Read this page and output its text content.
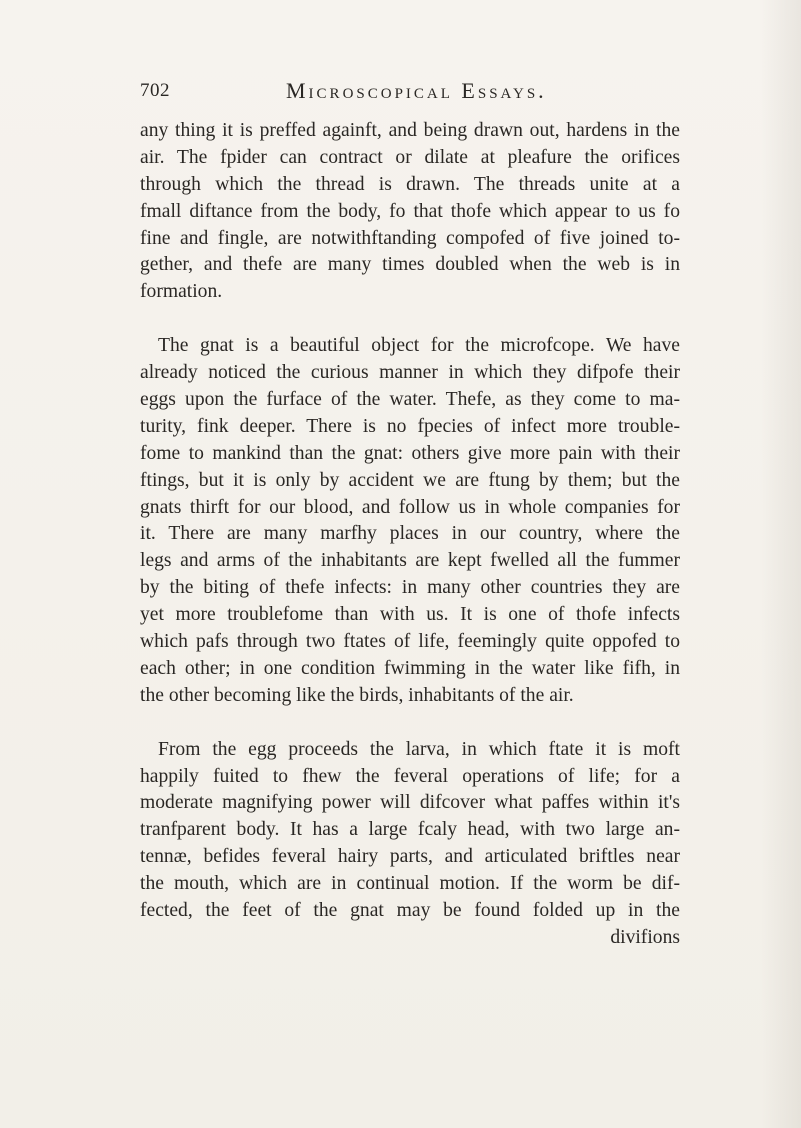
702	Microscopical Essays.
any thing it is preffed againft, and being drawn out, hardens in the
air. The fpider can contract or dilate at pleafure the orifices
through which the thread is drawn. The threads unite at a
fmall diftance from the body, fo that thofe which appear to us fo
fine and fingle, are notwithftanding compofed of five joined to-
gether, and thefe are many times doubled when the web is in
formation.
The gnat is a beautiful object for the microfcope. We have
already noticed the curious manner in which they difpofe their
eggs upon the furface of the water. Thefe, as they come to ma-
turity, fink deeper. There is no fpecies of infect more trouble-
fome to mankind than the gnat: others give more pain with their
ftings, but it is only by accident we are ftung by them; but the
gnats thirft for our blood, and follow us in whole companies for
it. There are many marfhy places in our country, where the
legs and arms of the inhabitants are kept fwelled all the fummer
by the biting of thefe infects: in many other countries they are
yet more troublefome than with us. It is one of thofe infects
which pafs through two ftates of life, feemingly quite oppofed to
each other; in one condition fwimming in the water like fifh, in
the other becoming like the birds, inhabitants of the air.
From the egg proceeds the larva, in which ftate it is moft
happily fuited to fhew the feveral operations of life; for a
moderate magnifying power will difcover what paffes within it's
tranfparent body. It has a large fcaly head, with two large an-
tennæ, befides feveral hairy parts, and articulated briftles near
the mouth, which are in continual motion. If the worm be dif-
fected, the feet of the gnat may be found folded up in the
divifions
